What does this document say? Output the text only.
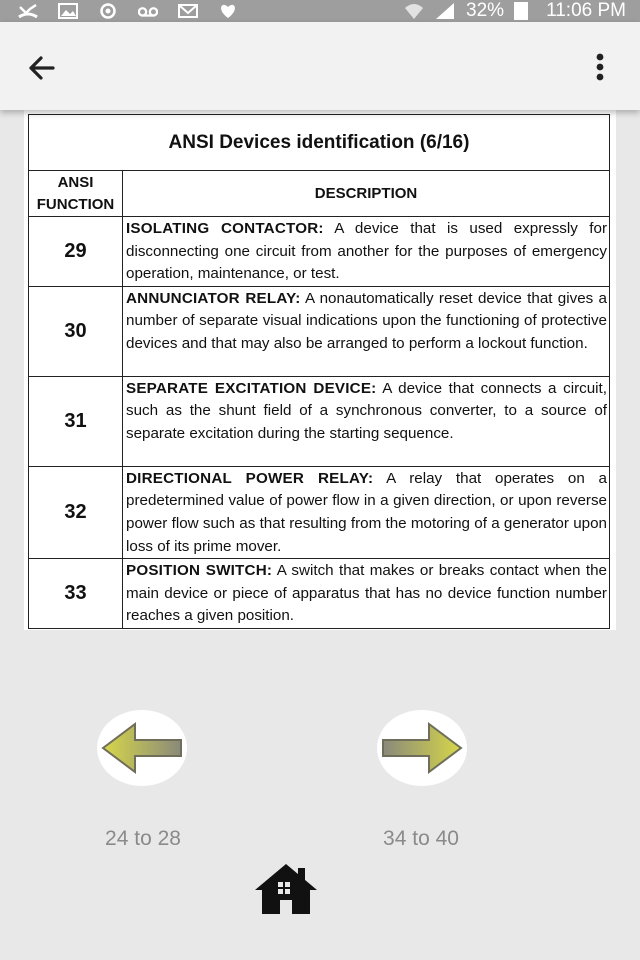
32% 11:06 PM
ANSI Devices identification (6/16)	
ANSI
FUNCTION	DESCRIPTION
29	ISOLATING CONTACTOR: A device that is used expressly for disconnecting one circuit from another for the purposes of emergency operation, maintenance, or test.
30	ANNUNCIATOR RELAY: A nonautomatically reset device that gives a number of separate visual indications upon the functioning of protective devices and that may also be arranged to perform a lockout function.
31	SEPARATE EXCITATION DEVICE: A device that connects a circuit, such as the shunt field of a synchronous converter, to a source of separate excitation during the starting sequence.
32	DIRECTIONAL POWER RELAY: A relay that operates on a predetermined value of power flow in a given direction, or upon reverse power flow such as that resulting from the motoring of a generator upon loss of its prime mover.
33	POSITION SWITCH: A switch that makes or breaks contact when the main device or piece of apparatus that has no device function number reaches a given position.
24 to 28	34 to 40
